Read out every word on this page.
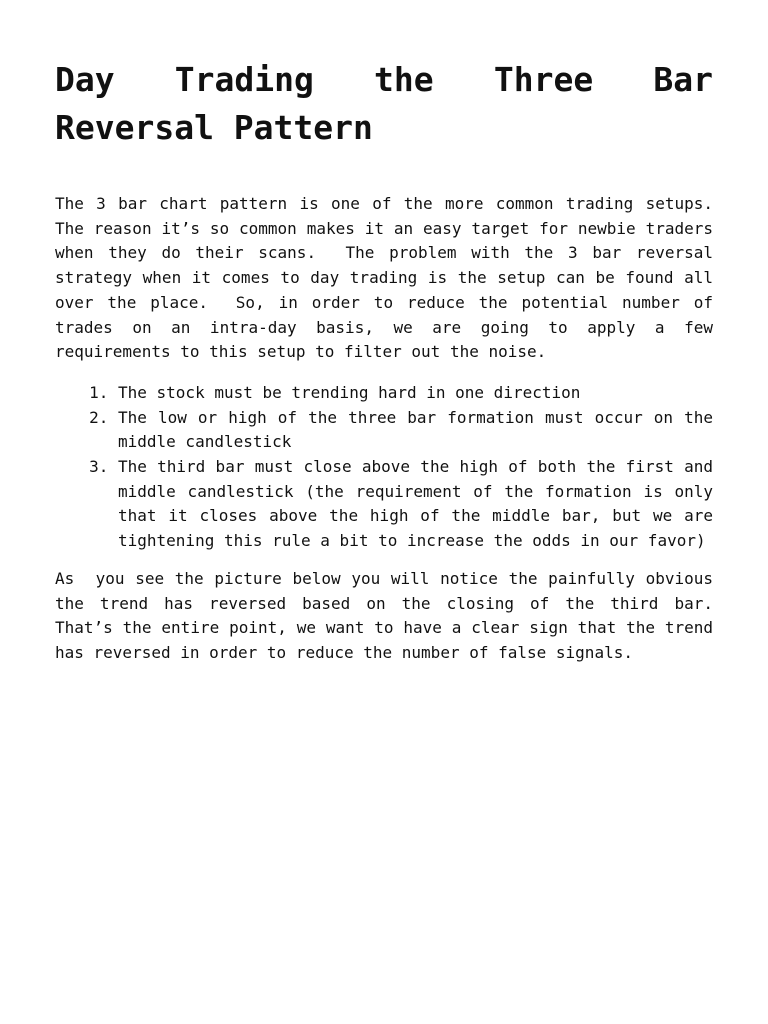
Day Trading the Three Bar Reversal Pattern

The 3 bar chart pattern is one of the more common trading setups.  The reason it’s so common makes it an easy target for newbie traders when they do their scans.  The problem with the 3 bar reversal strategy when it comes to day trading is the setup can be found all over the place.  So, in order to reduce the potential number of trades on an intra-day basis, we are going to apply a few requirements to this setup to filter out the noise.

1. The stock must be trending hard in one direction
2. The low or high of the three bar formation must occur on the middle candlestick
3. The third bar must close above the high of both the first and middle candlestick (the requirement of the formation is only that it closes above the high of the middle bar, but we are tightening this rule a bit to increase the odds in our favor)

As  you see the picture below you will notice the painfully obvious the trend has reversed based on the closing of the third bar.  That’s the entire point, we want to have a clear sign that the trend has reversed in order to reduce the number of false signals.
